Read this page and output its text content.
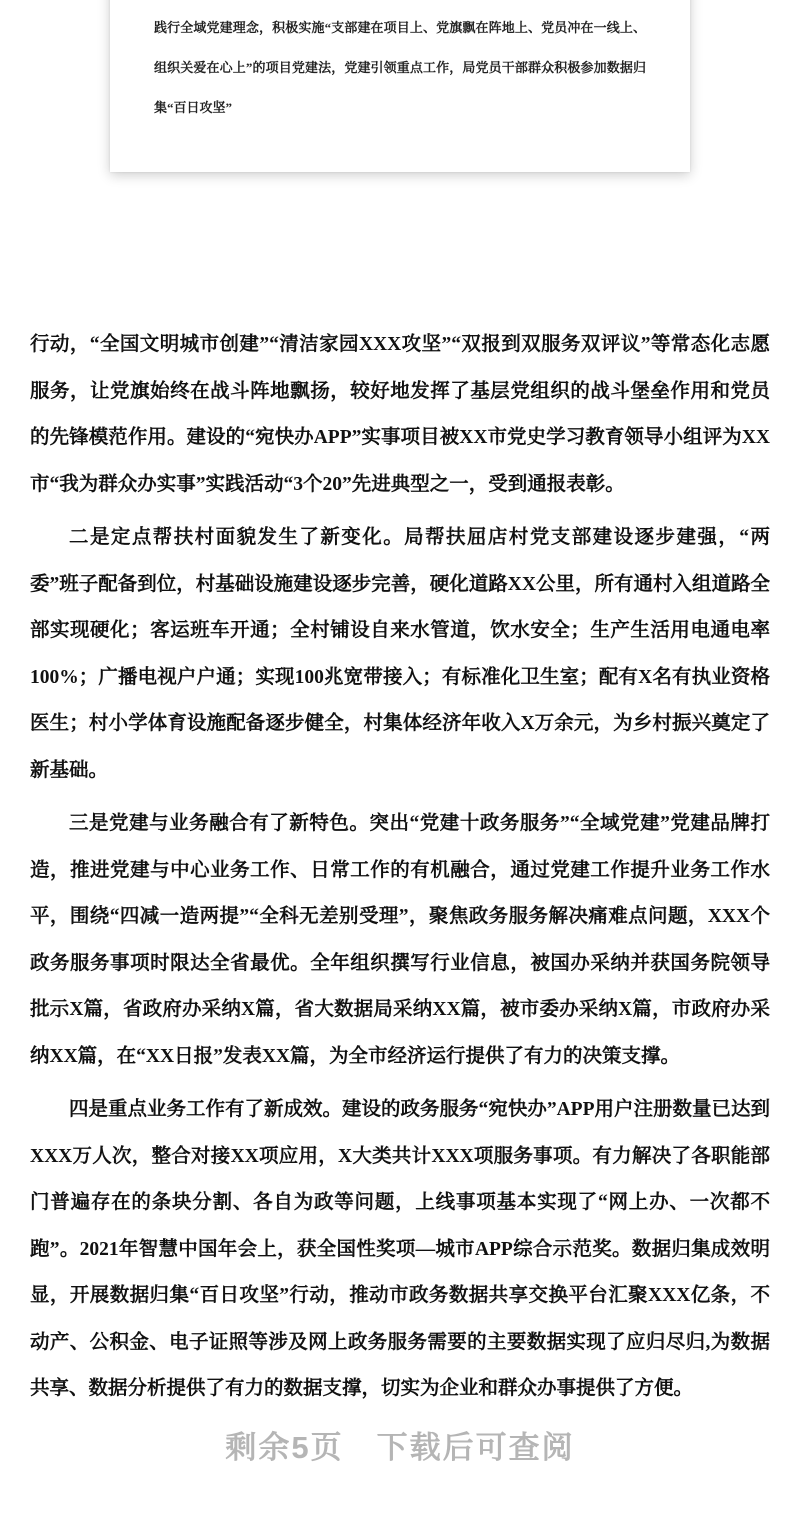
践行全域党建理念，积极实施“支部建在项目上、党旗飘在阵地上、党员冲在一线上、组织关爱在心上”的项目党建法，党建引领重点工作，局党员干部群众积极参加数据归集“百日攻坚”

行动，“全国文明城市创建”“清洁家园XXX攻坚”“双报到双服务双评议”等常态化志愿服务，让党旗始终在战斗阵地飘扬，较好地发挥了基层党组织的战斗堡垒作用和党员的先锋模范作用。建设的“宛快办APP”实事项目被XX市党史学习教育领导小组评为XX市“我为群众办实事”实践活动“3个20”先进典型之一，受到通报表彰。

二是定点帮扶村面貌发生了新变化。局帮扶屈店村党支部建设逐步建强，“两委”班子配备到位，村基础设施建设逐步完善，硬化道路XX公里，所有通村入组道路全部实现硬化；客运班车开通；全村铺设自来水管道，饮水安全；生产生活用电通电率100%；广播电视户户通；实现100兆宽带接入；有标准化卫生室；配有X名有执业资格医生；村小学体育设施配备逐步健全，村集体经济年收入X万余元，为乡村振兴奠定了新基础。

三是党建与业务融合有了新特色。突出“党建十政务服务”“全域党建”党建品牌打造，推进党建与中心业务工作、日常工作的有机融合，通过党建工作提升业务工作水平，围绕“四减一造两提”“全科无差别受理”，聚焦政务服务解决痛难点问题，XXX个政务服务事项时限达全省最优。全年组织撰写行业信息，被国办采纳并获国务院领导批示X篇，省政府办采纳X篇，省大数据局采纳XX篇，被市委办采纳X篇，市政府办采纳XX篇，在“XX日报”发表XX篇，为全市经济运行提供了有力的决策支撑。

四是重点业务工作有了新成效。建设的政务服务“宛快办”APP用户注册数量已达到XXX万人次，整合对接XX项应用，X大类共计XXX项服务事项。有力解决了各职能部门普遍存在的条块分割、各自为政等问题，上线事项基本实现了“网上办、一次都不跑”。2021年智慧中国年会上，获全国性奖项—城市APP综合示范奖。数据归集成效明显，开展数据归集“百日攻坚”行动，推动市政务数据共享交换平台汇聚XXX亿条，不动产、公积金、电子证照等涉及网上政务服务需要的主要数据实现了应归尽归,为数据共享、数据分析提供了有力的数据支撑，切实为企业和群众办事提供了方便。

剩余5页　下载后可查阅
